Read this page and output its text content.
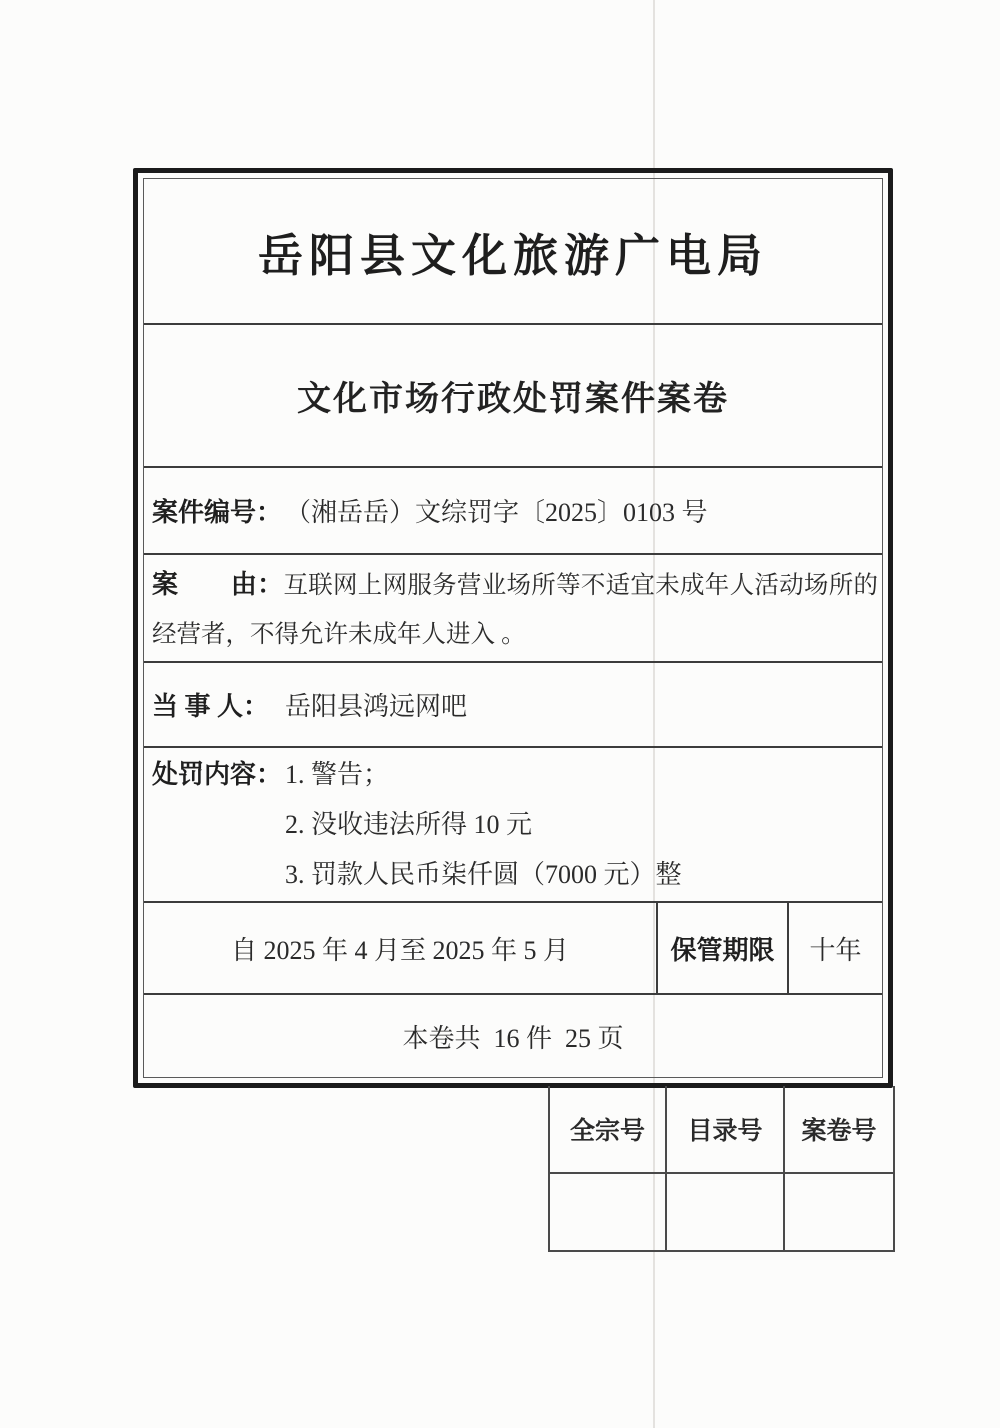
岳阳县文化旅游广电局
文化市场行政处罚案件案卷
案件编号： （湘岳岳）文综罚字〔2025〕0103 号

案　　由：互联网上网服务营业场所等不适宜未成年人活动场所的经营者，不得允许未成年人进入 。

当 事 人： 岳阳县鸿远网吧
处罚内容： 1. 警告；
2. 没收违法所得 10 元
3. 罚款人民币柒仟圆（7000 元）整
自 2025 年 4 月至 2025 年 5 月	保管期限	十年
本卷共  16 件  25 页
全宗号	目录号	案卷号
